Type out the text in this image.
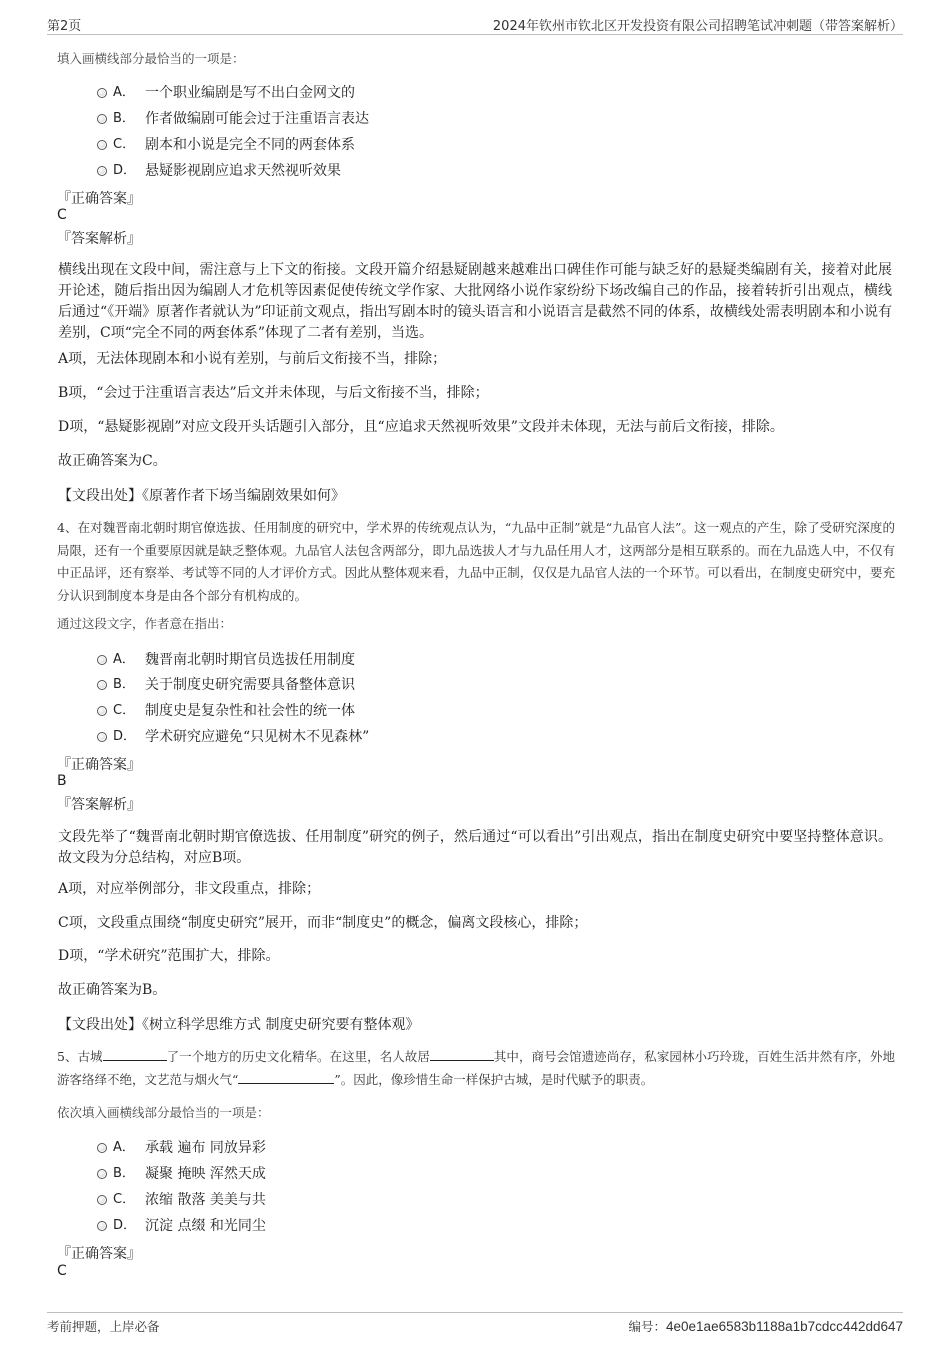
第2页	2024年钦州市钦北区开发投资有限公司招聘笔试冲刺题（带答案解析）
填入画横线部分最恰当的一项是：
A． 一个职业编剧是写不出白金网文的
B． 作者做编剧可能会过于注重语言表达
C． 剧本和小说是完全不同的两套体系
D． 悬疑影视剧应追求天然视听效果
『正确答案』
C
『答案解析』
横线出现在文段中间，需注意与上下文的衔接。文段开篇介绍悬疑剧越来越难出口碑佳作可能与缺乏好的悬疑类编剧有关，接着对此展开论述，随后指出因为编剧人才危机等因素促使传统文学作家、大批网络小说作家纷纷下场改编自己的作品，接着转折引出观点，横线后通过“《开端》原著作者就认为”印证前文观点，指出写剧本时的镜头语言和小说语言是截然不同的体系，故横线处需表明剧本和小说有差别，C项“完全不同的两套体系”体现了二者有差别，当选。
A项，无法体现剧本和小说有差别，与前后文衔接不当，排除；
B项，“会过于注重语言表达”后文并未体现，与后文衔接不当，排除；
D项，“悬疑影视剧”对应文段开头话题引入部分，且“应追求天然视听效果”文段并未体现，无法与前后文衔接，排除。
故正确答案为C。
【文段出处】《原著作者下场当编剧效果如何》
4、在对魏晋南北朝时期官僚选拔、任用制度的研究中，学术界的传统观点认为，“九品中正制”就是“九品官人法”。这一观点的产生，除了受研究深度的局限，还有一个重要原因就是缺乏整体观。九品官人法包含两部分，即九品选拔人才与九品任用人才，这两部分是相互联系的。而在九品选人中，不仅有中正品评，还有察举、考试等不同的人才评价方式。因此从整体观来看，九品中正制，仅仅是九品官人法的一个环节。可以看出，在制度史研究中，要充分认识到制度本身是由各个部分有机构成的。
通过这段文字，作者意在指出：
A． 魏晋南北朝时期官员选拔任用制度
B． 关于制度史研究需要具备整体意识
C． 制度史是复杂性和社会性的统一体
D． 学术研究应避免“只见树木不见森林”
『正确答案』
B
『答案解析』
文段先举了“魏晋南北朝时期官僚选拔、任用制度”研究的例子，然后通过“可以看出”引出观点，指出在制度史研究中要坚持整体意识。故文段为分总结构，对应B项。
A项，对应举例部分，非文段重点，排除；
C项，文段重点围绕“制度史研究”展开，而非“制度史”的概念，偏离文段核心，排除；
D项，“学术研究”范围扩大，排除。
故正确答案为B。
【文段出处】《树立科学思维方式 制度史研究要有整体观》
5、古城	了一个地方的历史文化精华。在这里，名人故居	其中，商号会馆遗迹尚存，私家园林小巧玲珑，百姓生活井然有序，外地游客络绎不绝，文艺范与烟火气“	”。因此，像珍惜生命一样保护古城，是时代赋予的职责。
依次填入画横线部分最恰当的一项是：
A． 承载 遍布 同放异彩
B． 凝聚 掩映 浑然天成
C． 浓缩 散落 美美与共
D． 沉淀 点缀 和光同尘
『正确答案』
C
考前押题，上岸必备	编号：4e0e1ae6583b1188a1b7cdcc442dd647
